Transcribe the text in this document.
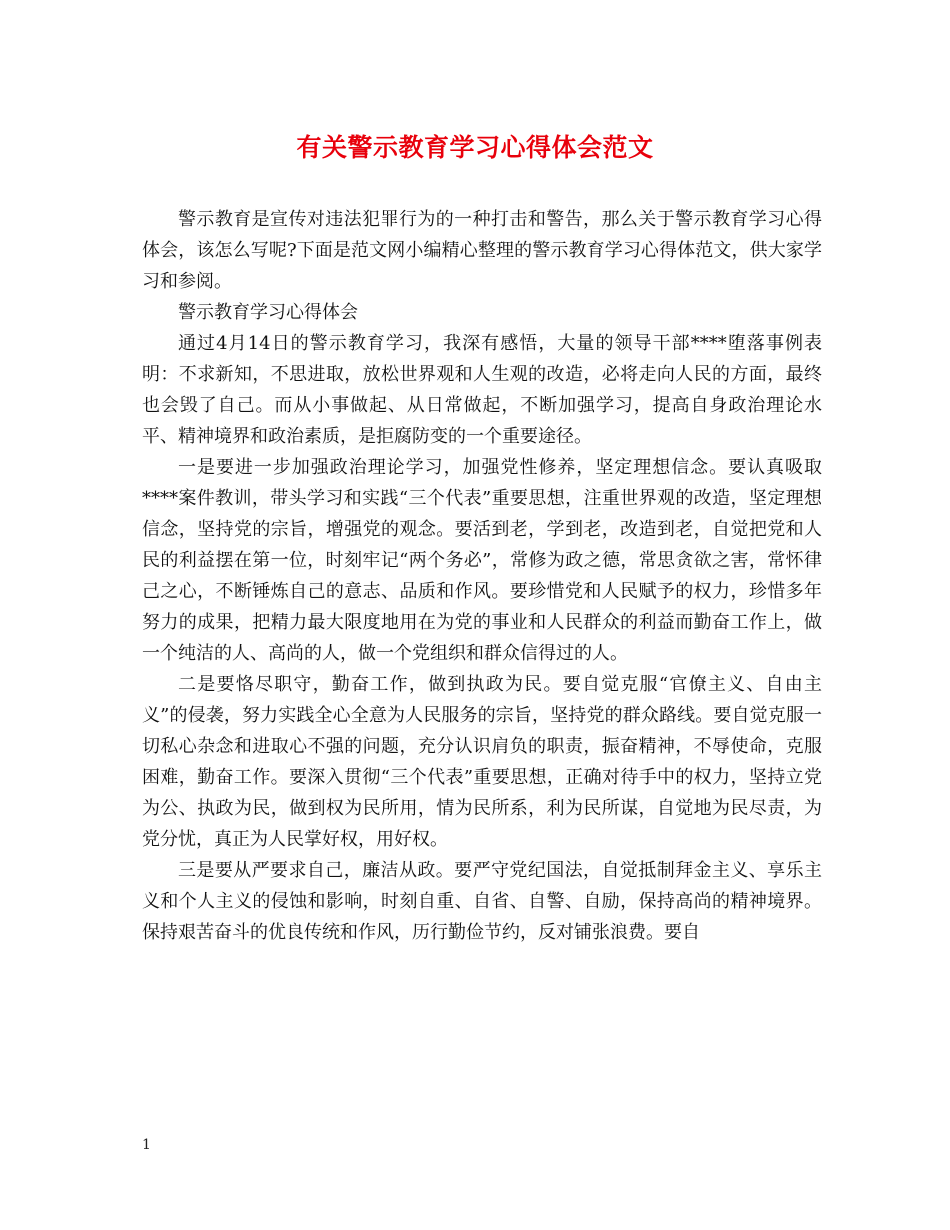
有关警示教育学习心得体会范文

警示教育是宣传对违法犯罪行为的一种打击和警告，那么关于警示教育学习心得体会，该怎么写呢?下面是范文网小编精心整理的警示教育学习心得体范文，供大家学习和参阅。

警示教育学习心得体会

通过4月14日的警示教育学习，我深有感悟，大量的领导干部****堕落事例表明：不求新知，不思进取，放松世界观和人生观的改造，必将走向人民的方面，最终也会毁了自己。而从小事做起、从日常做起，不断加强学习，提高自身政治理论水平、精神境界和政治素质，是拒腐防变的一个重要途径。

一是要进一步加强政治理论学习，加强党性修养，坚定理想信念。要认真吸取****案件教训，带头学习和实践“三个代表”重要思想，注重世界观的改造，坚定理想信念，坚持党的宗旨，增强党的观念。要活到老，学到老，改造到老，自觉把党和人民的利益摆在第一位，时刻牢记“两个务必”，常修为政之德，常思贪欲之害，常怀律己之心，不断锤炼自己的意志、品质和作风。要珍惜党和人民赋予的权力，珍惜多年努力的成果，把精力最大限度地用在为党的事业和人民群众的利益而勤奋工作上，做一个纯洁的人、高尚的人，做一个党组织和群众信得过的人。

二是要恪尽职守，勤奋工作，做到执政为民。要自觉克服“官僚主义、自由主义”的侵袭，努力实践全心全意为人民服务的宗旨，坚持党的群众路线。要自觉克服一切私心杂念和进取心不强的问题，充分认识肩负的职责，振奋精神，不辱使命，克服困难，勤奋工作。要深入贯彻“三个代表”重要思想，正确对待手中的权力，坚持立党为公、执政为民，做到权为民所用，情为民所系，利为民所谋，自觉地为民尽责，为党分忧，真正为人民掌好权，用好权。

三是要从严要求自己，廉洁从政。要严守党纪国法，自觉抵制拜金主义、享乐主义和个人主义的侵蚀和影响，时刻自重、自省、自警、自励，保持高尚的精神境界。保持艰苦奋斗的优良传统和作风，历行勤俭节约，反对铺张浪费。要自

1
